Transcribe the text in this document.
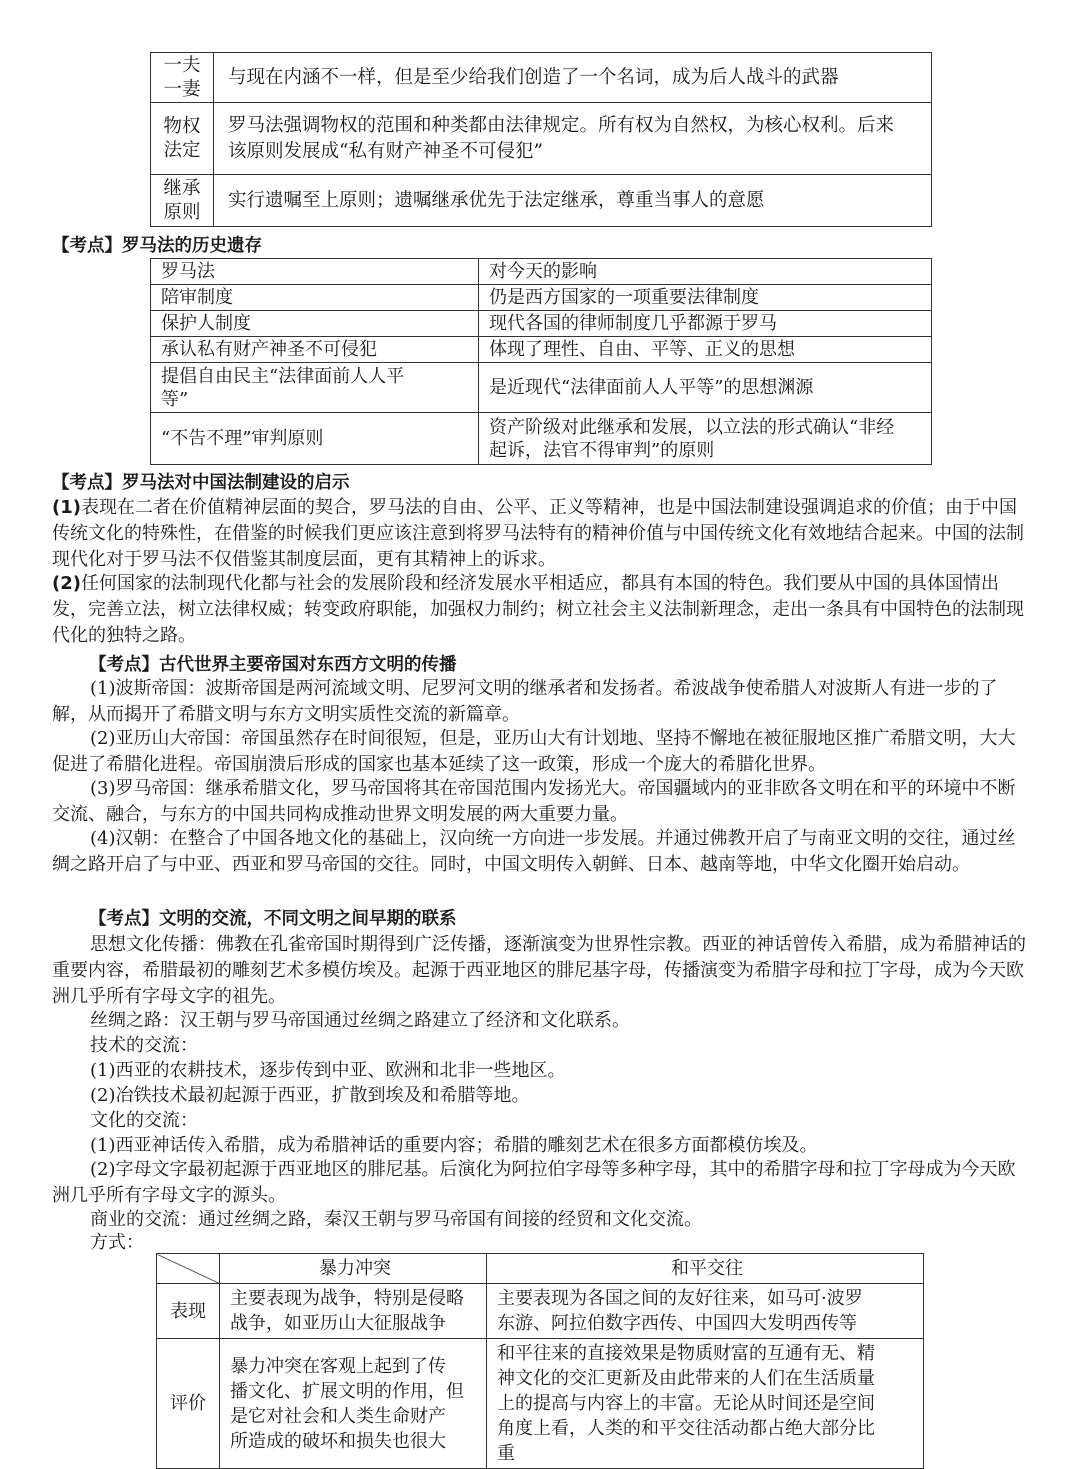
一夫
一妻	与现在内涵不一样，但是至少给我们创造了一个名词，成为后人战斗的武器
物权
法定	罗马法强调物权的范围和种类都由法律规定。所有权为自然权，为核心权利。后来
该原则发展成“私有财产神圣不可侵犯”
继承
原则	实行遗嘱至上原则；遗嘱继承优先于法定继承，尊重当事人的意愿
【考点】罗马法的历史遗存
罗马法	对今天的影响
陪审制度	仍是西方国家的一项重要法律制度
保护人制度	现代各国的律师制度几乎都源于罗马
承认私有财产神圣不可侵犯	体现了理性、自由、平等、正义的思想
提倡自由民主“法律面前人人平
等”	是近现代“法律面前人人平等”的思想渊源
“不告不理”审判原则	资产阶级对此继承和发展，以立法的形式确认“非经
起诉，法官不得审判”的原则
【考点】罗马法对中国法制建设的启示
(1)表现在二者在价值精神层面的契合，罗马法的自由、公平、正义等精神，也是中国法制建设强调追求的价值；由于中国传统文化的特殊性，在借鉴的时候我们更应该注意到将罗马法特有的精神价值与中国传统文化有效地结合起来。中国的法制现代化对于罗马法不仅借鉴其制度层面，更有其精神上的诉求。
(2)任何国家的法制现代化都与社会的发展阶段和经济发展水平相适应，都具有本国的特色。我们要从中国的具体国情出发，完善立法，树立法律权威；转变政府职能，加强权力制约；树立社会主义法制新理念，走出一条具有中国特色的法制现代化的独特之路。
【考点】古代世界主要帝国对东西方文明的传播
(1)波斯帝国：波斯帝国是两河流域文明、尼罗河文明的继承者和发扬者。希波战争使希腊人对波斯人有进一步的了解，从而揭开了希腊文明与东方文明实质性交流的新篇章。
(2)亚历山大帝国：帝国虽然存在时间很短，但是，亚历山大有计划地、坚持不懈地在被征服地区推广希腊文明，大大促进了希腊化进程。帝国崩溃后形成的国家也基本延续了这一政策，形成一个庞大的希腊化世界。
(3)罗马帝国：继承希腊文化，罗马帝国将其在帝国范围内发扬光大。帝国疆域内的亚非欧各文明在和平的环境中不断交流、融合，与东方的中国共同构成推动世界文明发展的两大重要力量。
(4)汉朝：在整合了中国各地文化的基础上，汉向统一方向进一步发展。并通过佛教开启了与南亚文明的交往，通过丝绸之路开启了与中亚、西亚和罗马帝国的交往。同时，中国文明传入朝鲜、日本、越南等地，中华文化圈开始启动。
【考点】文明的交流，不同文明之间早期的联系
思想文化传播：佛教在孔雀帝国时期得到广泛传播，逐渐演变为世界性宗教。西亚的神话曾传入希腊，成为希腊神话的重要内容，希腊最初的雕刻艺术多模仿埃及。起源于西亚地区的腓尼基字母，传播演变为希腊字母和拉丁字母，成为今天欧洲几乎所有字母文字的祖先。
丝绸之路：汉王朝与罗马帝国通过丝绸之路建立了经济和文化联系。
技术的交流：
(1)西亚的农耕技术，逐步传到中亚、欧洲和北非一些地区。
(2)冶铁技术最初起源于西亚，扩散到埃及和希腊等地。
文化的交流：
(1)西亚神话传入希腊，成为希腊神话的重要内容；希腊的雕刻艺术在很多方面都模仿埃及。
(2)字母文字最初起源于西亚地区的腓尼基。后演化为阿拉伯字母等多种字母，其中的希腊字母和拉丁字母成为今天欧洲几乎所有字母文字的源头。
商业的交流：通过丝绸之路，秦汉王朝与罗马帝国有间接的经贸和文化交流。
方式：
	暴力冲突	和平交往
表现	主要表现为战争，特别是侵略
战争，如亚历山大征服战争	主要表现为各国之间的友好往来，如马可·波罗
东游、阿拉伯数字西传、中国四大发明西传等
评价	暴力冲突在客观上起到了传
播文化、扩展文明的作用，但
是它对社会和人类生命财产
所造成的破坏和损失也很大	和平往来的直接效果是物质财富的互通有无、精
神文化的交汇更新及由此带来的人们在生活质量
上的提高与内容上的丰富。无论从时间还是空间
角度上看，人类的和平交往活动都占绝大部分比
重
